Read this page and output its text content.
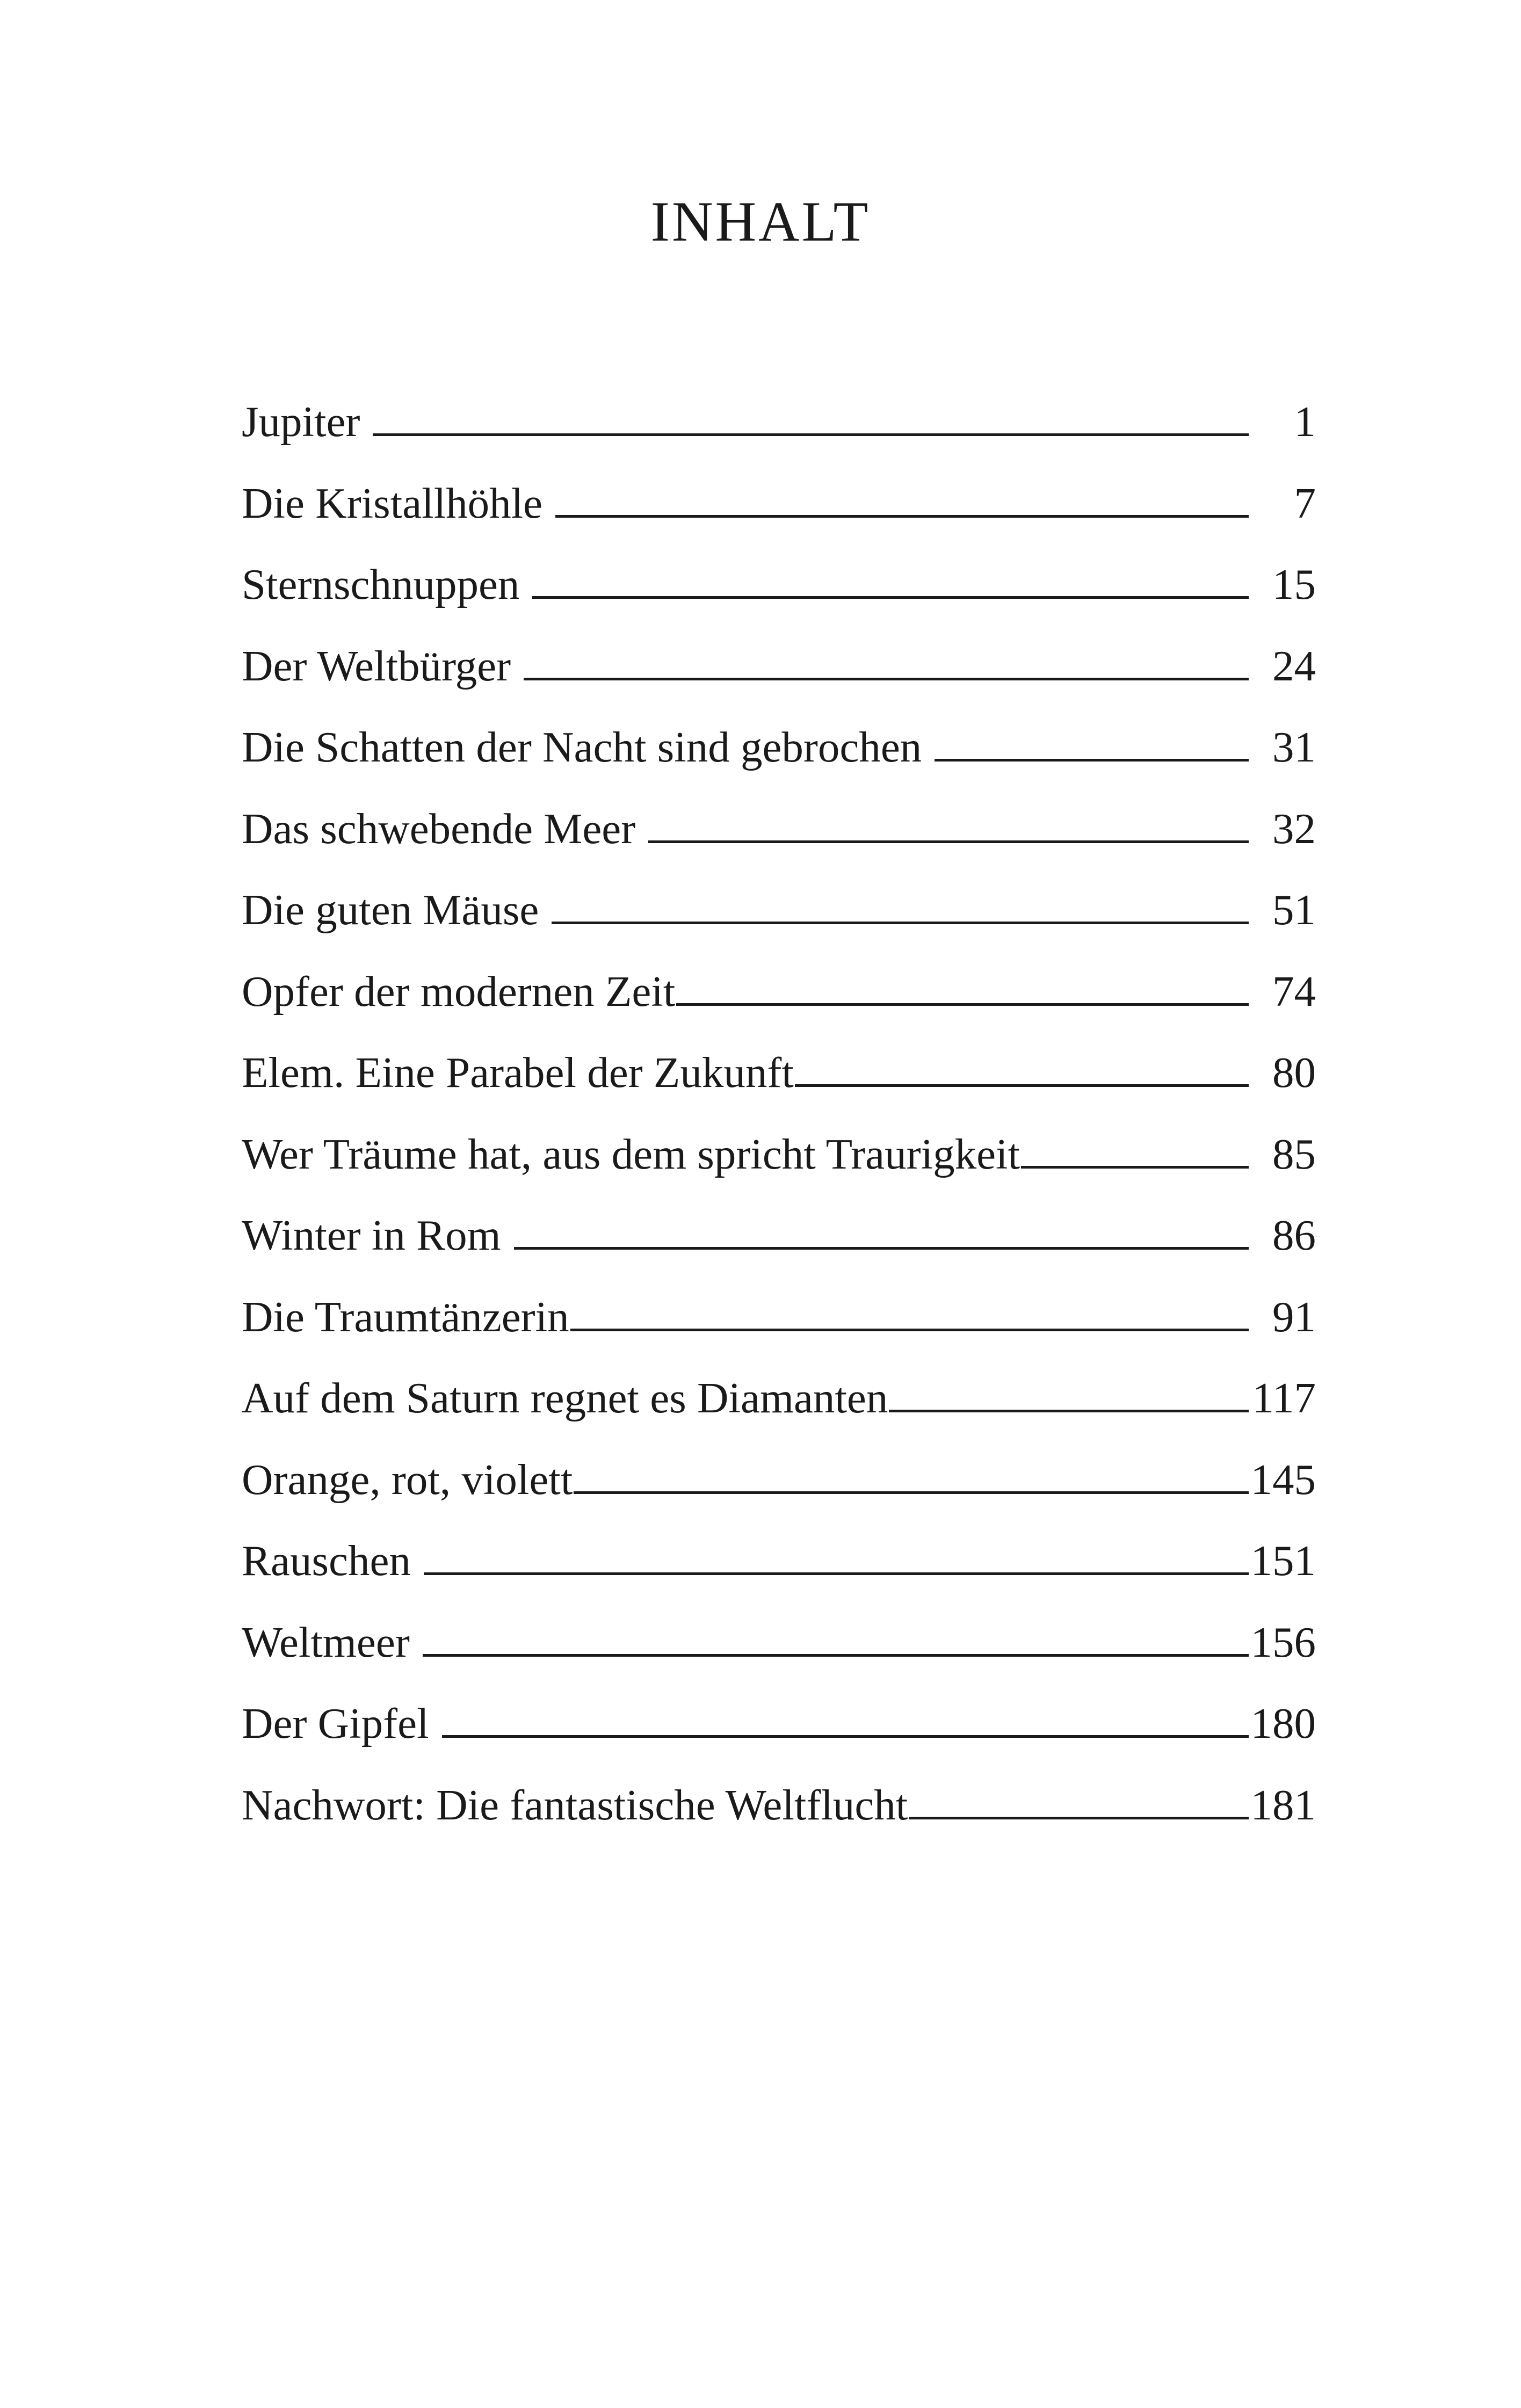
INHALT
Jupiter	1
Die Kristallhöhle	7
Sternschnuppen	15
Der Weltbürger	24
Die Schatten der Nacht sind gebrochen	31
Das schwebende Meer	32
Die guten Mäuse	51
Opfer der modernen Zeit	74
Elem. Eine Parabel der Zukunft	80
Wer Träume hat, aus dem spricht Traurigkeit	85
Winter in Rom	86
Die Traumtänzerin	91
Auf dem Saturn regnet es Diamanten	117
Orange, rot, violett	145
Rauschen	151
Weltmeer	156
Der Gipfel	180
Nachwort: Die fantastische Weltflucht	181
